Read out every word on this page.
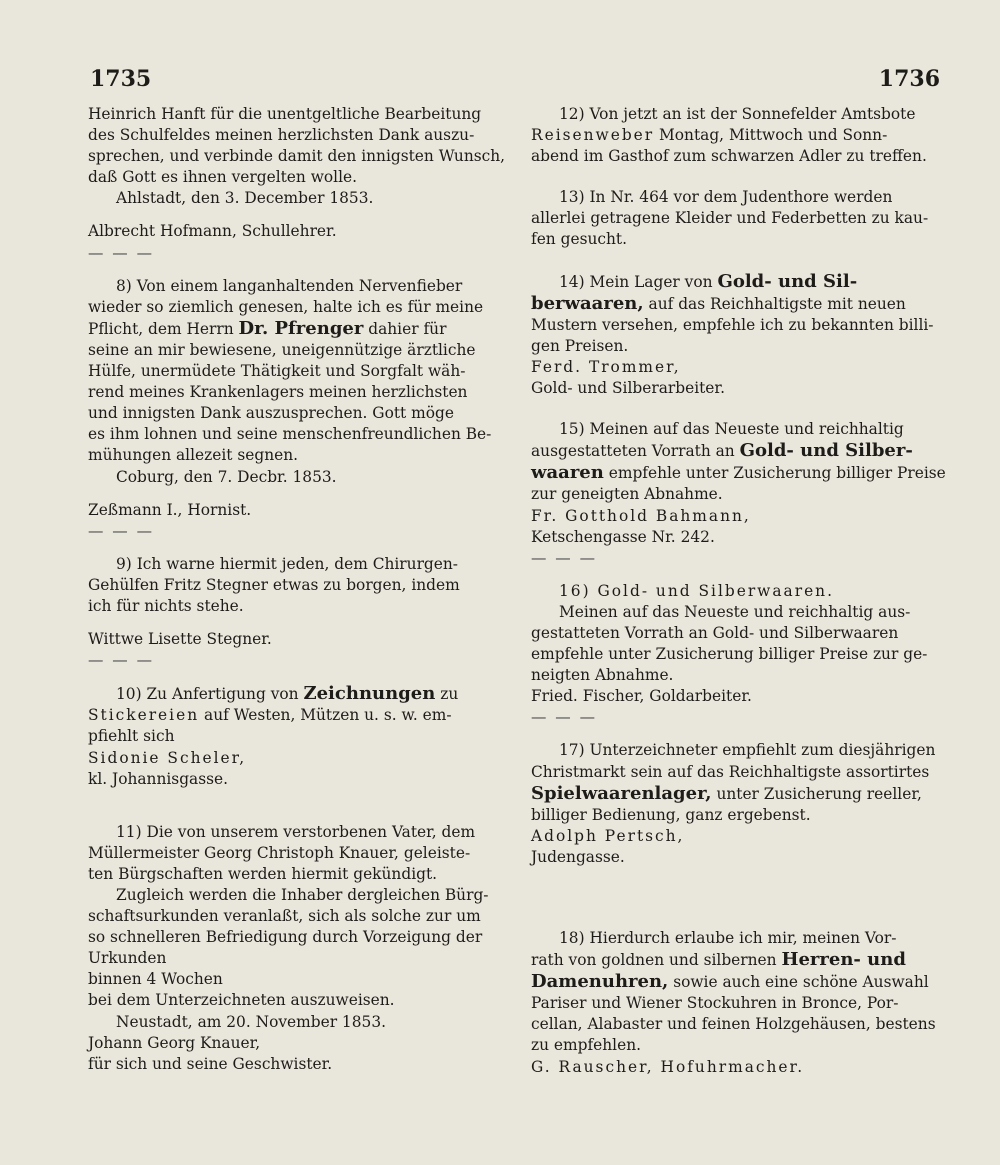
1735	1736

Heinrich Hanft für die unentgeltliche Bearbeitung

des Schulfeldes meinen herzlichsten Dank auszu-

sprechen, und verbinde damit den innigsten Wunsch,

daß Gott es ihnen vergelten wolle.

Ahlstadt, den 3. December 1853.

Albrecht Hofmann, Schullehrer.

— — —

8) Von einem langanhaltenden Nervenfieber

wieder so ziemlich genesen, halte ich es für meine

Pflicht, dem Herrn Dr. Pfrenger dahier für

seine an mir bewiesene, uneigennützige ärztliche

Hülfe, unermüdete Thätigkeit und Sorgfalt wäh-

rend meines Krankenlagers meinen herzlichsten

und innigsten Dank auszusprechen. Gott möge

es ihm lohnen und seine menschenfreundlichen Be-

mühungen allezeit segnen.

Coburg, den 7. Decbr. 1853.

Zeßmann I., Hornist.

— — —

9) Ich warne hiermit jeden, dem Chirurgen-

Gehülfen Fritz Stegner etwas zu borgen, indem

ich für nichts stehe.

Wittwe Lisette Stegner.

— — —

10) Zu Anfertigung von Zeichnungen zu

Stickereien auf Westen, Mützen u. s. w. em-

pfiehlt sich

Sidonie Scheler,

kl. Johannisgasse.

11) Die von unserem verstorbenen Vater, dem

Müllermeister Georg Christoph Knauer, geleiste-

ten Bürgschaften werden hiermit gekündigt.

Zugleich werden die Inhaber dergleichen Bürg-

schaftsurkunden veranlaßt, sich als solche zur um

so schnelleren Befriedigung durch Vorzeigung der

Urkunden

binnen 4 Wochen

bei dem Unterzeichneten auszuweisen.

Neustadt, am 20. November 1853.

Johann Georg Knauer,

für sich und seine Geschwister.

12) Von jetzt an ist der Sonnefelder Amtsbote

Reisenweber Montag, Mittwoch und Sonn-

abend im Gasthof zum schwarzen Adler zu treffen.

13) In Nr. 464 vor dem Judenthore werden

allerlei getragene Kleider und Federbetten zu kau-

fen gesucht.

14) Mein Lager von Gold- und Sil-

berwaaren, auf das Reichhaltigste mit neuen

Mustern versehen, empfehle ich zu bekannten billi-

gen Preisen.

Ferd. Trommer,

Gold- und Silberarbeiter.

15) Meinen auf das Neueste und reichhaltig

ausgestatteten Vorrath an Gold- und Silber-

waaren empfehle unter Zusicherung billiger Preise

zur geneigten Abnahme.

Fr. Gotthold Bahmann,

Ketschengasse Nr. 242.

— — —

16) Gold- und Silberwaaren.

Meinen auf das Neueste und reichhaltig aus-

gestatteten Vorrath an Gold- und Silberwaaren

empfehle unter Zusicherung billiger Preise zur ge-

neigten Abnahme.

Fried. Fischer, Goldarbeiter.

— — —

17) Unterzeichneter empfiehlt zum diesjährigen

Christmarkt sein auf das Reichhaltigste assortirtes

Spielwaarenlager, unter Zusicherung reeller,

billiger Bedienung, ganz ergebenst.

Adolph Pertsch,

Judengasse.

18) Hierdurch erlaube ich mir, meinen Vor-

rath von goldnen und silbernen Herren- und

Damenuhren, sowie auch eine schöne Auswahl

Pariser und Wiener Stockuhren in Bronce, Por-

cellan, Alabaster und feinen Holzgehäusen, bestens

zu empfehlen.

G. Rauscher, Hofuhrmacher.
